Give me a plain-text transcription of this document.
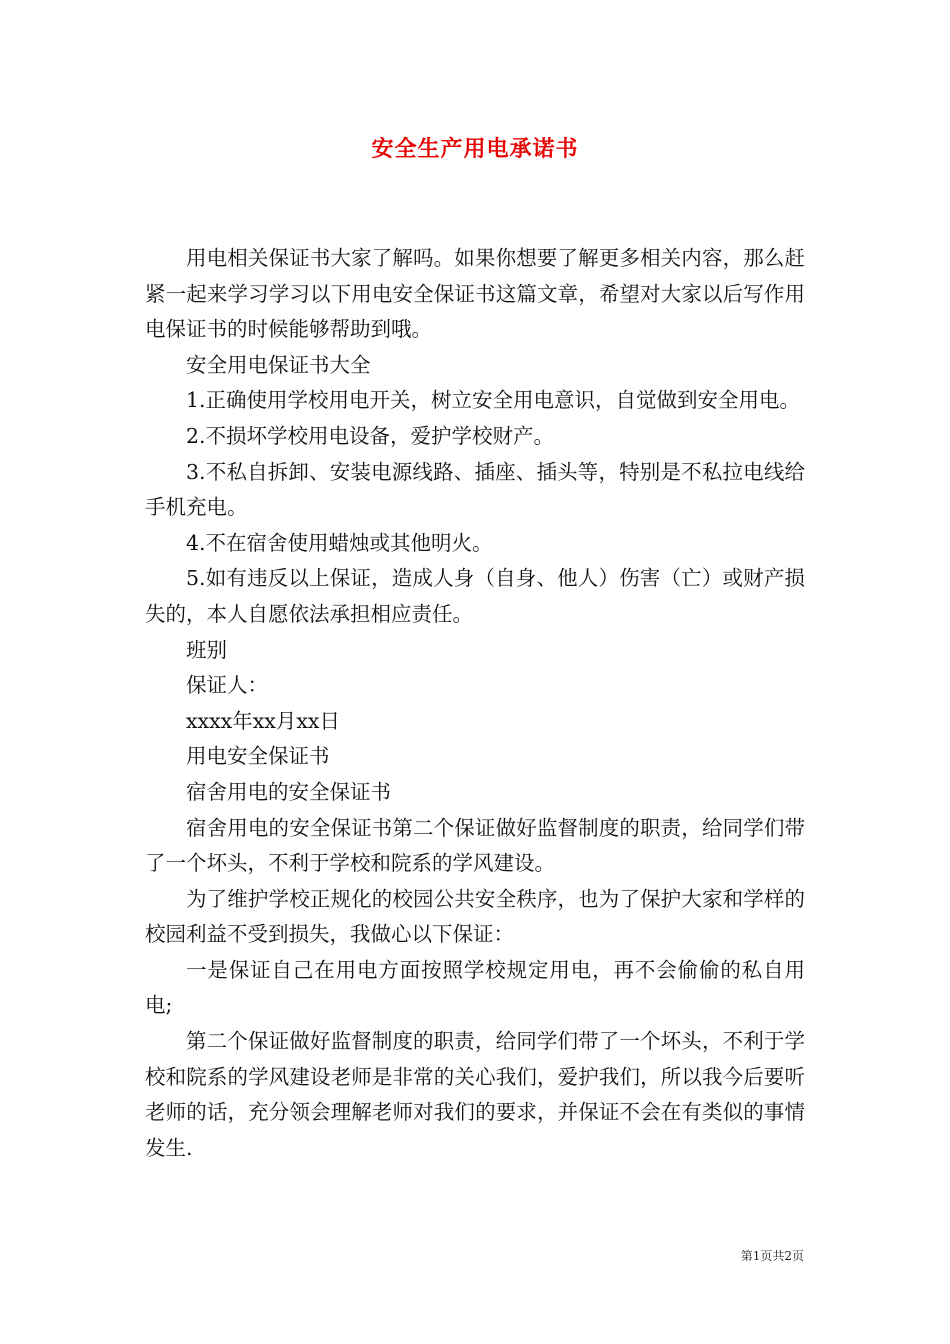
安全生产用电承诺书

用电相关保证书大家了解吗。如果你想要了解更多相关内容，那么赶紧一起来学习学习以下用电安全保证书这篇文章，希望对大家以后写作用电保证书的时候能够帮助到哦。

安全用电保证书大全

1.正确使用学校用电开关，树立安全用电意识，自觉做到安全用电。

2.不损坏学校用电设备，爱护学校财产。

3.不私自拆卸、安装电源线路、插座、插头等，特别是不私拉电线给手机充电。

4.不在宿舍使用蜡烛或其他明火。

5.如有违反以上保证，造成人身（自身、他人）伤害（亡）或财产损失的，本人自愿依法承担相应责任。

班别

保证人：

xxxx年xx月xx日

用电安全保证书

宿舍用电的安全保证书

宿舍用电的安全保证书第二个保证做好监督制度的职责，给同学们带了一个坏头，不利于学校和院系的学风建设。

为了维护学校正规化的校园公共安全秩序，也为了保护大家和学样的校园利益不受到损失，我做心以下保证：

一是保证自己在用电方面按照学校规定用电，再不会偷偷的私自用电;

第二个保证做好监督制度的职责，给同学们带了一个坏头，不利于学校和院系的学风建设老师是非常的关心我们，爱护我们，所以我今后要听老师的话，充分领会理解老师对我们的要求，并保证不会在有类似的事情发生.

第1页共2页
